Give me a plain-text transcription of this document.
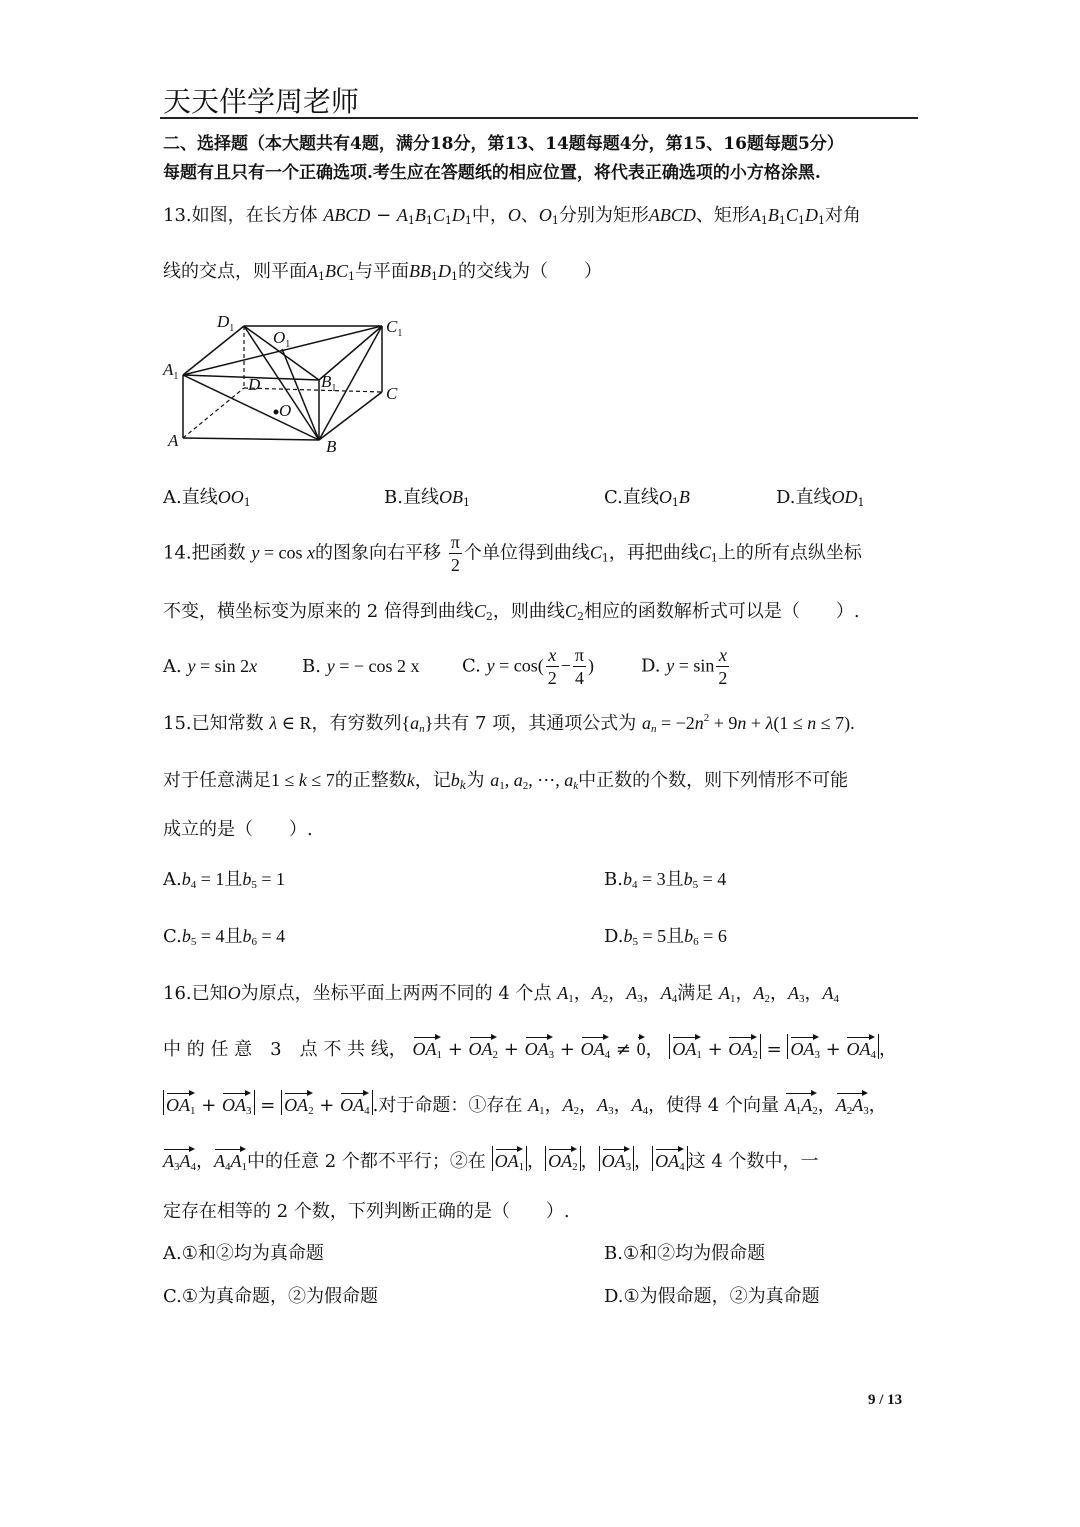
天天伴学周老师
二、选择题（本大题共有4题，满分18分，第13、14题每题4分，第15、16题每题5分）
每题有且只有一个正确选项.考生应在答题纸的相应位置，将代表正确选项的小方格涂黑.
13.如图，在长方体 ABCD − $A_1B_1C_1D_1$中，O、$O_1$分别为矩形ABCD、矩形$A_1B_1C_1D_1$对角
线的交点，则平面$A_1BC_1$与平面$BB_1D_1$的交线为（　　）
$D_1$ $O_1$
$C_1$
$A_1$	D	$B_1$	C
O
A	B
A.直线$OO_1$	B.直线$OB_1$	C.直线$O_1B$	D.直线$OD_1$
14.把函数 y = cos x的图象向右平移 $\frac{\pi}{2}$ 个单位得到曲线$C_1$，再把曲线$C_1$上的所有点纵坐标
不变，横坐标变为原来的 2 倍得到曲线$C_2$，则曲线$C_2$相应的函数解析式可以是（　　）.
A. y = sin 2x B. y = − cos 2 x C. $y = \cos( \frac{x}{2} - \frac{\pi}{4}$ )	D. $y = \sin \frac{x}{2}$
15.已知常数 λ ∈ R，有穷数列$\{a_n\}$共有 7 项，其通项公式为 $a_n = -2n^2 + 9n + \lambda(1 \le n \le 7)$.
对于任意满足1 ≤ k ≤ 7的正整数k，记$b_k$为 $a_1$, $a_2$, ⋯, $a_k$中正数的个数，则下列情形不可能
成立的是（　　）.
$A.b_4 = 1$且$b_5 = 1$	$B.b_4 = 3$且$b_5 = 4$
$C.b_5 = 4$且$b_6 = 4$	$D.b_5 = 5$且$b_6 = 6$
16.已知O为原点，坐标平面上两两不同的 4 个点 $A_1$，$A_2$，$A_3$，$A_4$满足 $A_1$，$A_2$，$A_3$，$A_4$
中 的 任 意　3　点 不 共 线， $OA_1 + OA_2 + OA_3 + OA_4 \ne 0$， $OA_1 + OA_2 = OA_3 + OA_4$ ，
$OA_1 + OA_3 = OA_2 + OA_4$ .对于命题：①存在 $A_1$，$A_2$，$A_3$，$A_4$，使得 4 个向量 $A_1A_2$，$A_2A_3$，
$A_3A_4$，$A_4A_1$中的任意 2 个都不平行；②在 $OA_1$ ， $OA_2$ ， $OA_3$ ， $OA_4$ 这 4 个数中，一
定存在相等的 2 个数，下列判断正确的是（　　）.
A.①和②均为真命题	B.①和②均为假命题
C.①为真命题，②为假命题	D.①为假命题，②为真命题
9 / 13
